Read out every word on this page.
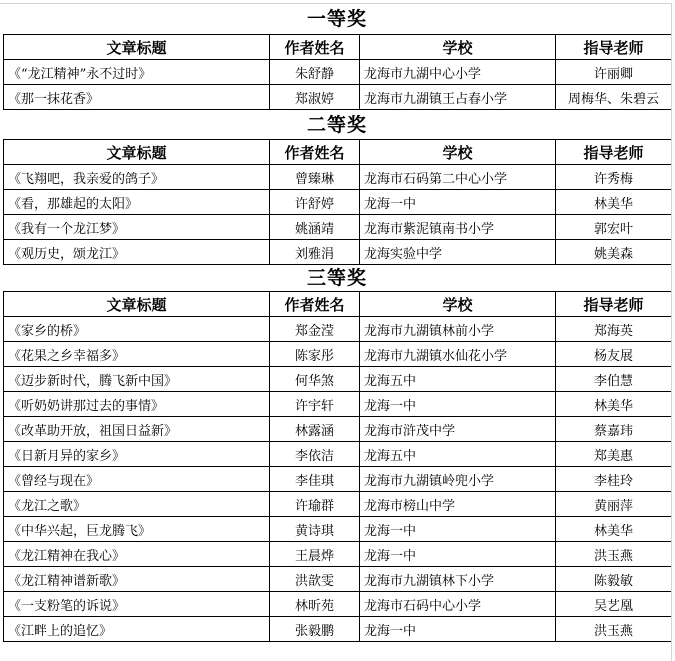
一等奖
文章标题	作者姓名	学校	指导老师
《“龙江精神”永不过时》	朱舒静	龙海市九湖中心小学	许丽卿
《那一抹花香》	郑淑婷	龙海市九湖镇王占春小学	周梅华、朱碧云
二等奖
文章标题	作者姓名	学校	指导老师
《飞翔吧，我亲爱的鸽子》	曾臻琳	龙海市石码第二中心小学	许秀梅
《看，那雄起的太阳》	许舒婷	龙海一中	林美华
《我有一个龙江梦》	姚涵靖	龙海市紫泥镇南书小学	郭宏叶
《观历史，颂龙江》	刘雅涓	龙海实验中学	姚美森
三等奖
文章标题	作者姓名	学校	指导老师
《家乡的桥》	郑金滢	龙海市九湖镇林前小学	郑海英
《花果之乡幸福多》	陈家彤	龙海市九湖镇水仙花小学	杨友展
《迈步新时代，腾飞新中国》	何华煞	龙海五中	李伯慧
《听奶奶讲那过去的事情》	许宇轩	龙海一中	林美华
《改革助开放，祖国日益新》	林露涵	龙海市浒茂中学	蔡嘉玮
《日新月异的家乡》	李依洁	龙海五中	郑美惠
《曾经与现在》	李佳琪	龙海市九湖镇岭兜小学	李桂玲
《龙江之歌》	许瑜群	龙海市榜山中学	黄丽萍
《中华兴起，巨龙腾飞》	黄诗琪	龙海一中	林美华
《龙江精神在我心》	王晨烨	龙海一中	洪玉燕
《龙江精神谱新歌》	洪歆雯	龙海市九湖镇林下小学	陈毅敏
《一支粉笔的诉说》	林昕苑	龙海市石码中心小学	吴艺凰
《江畔上的追忆》	张毅鹏	龙海一中	洪玉燕
